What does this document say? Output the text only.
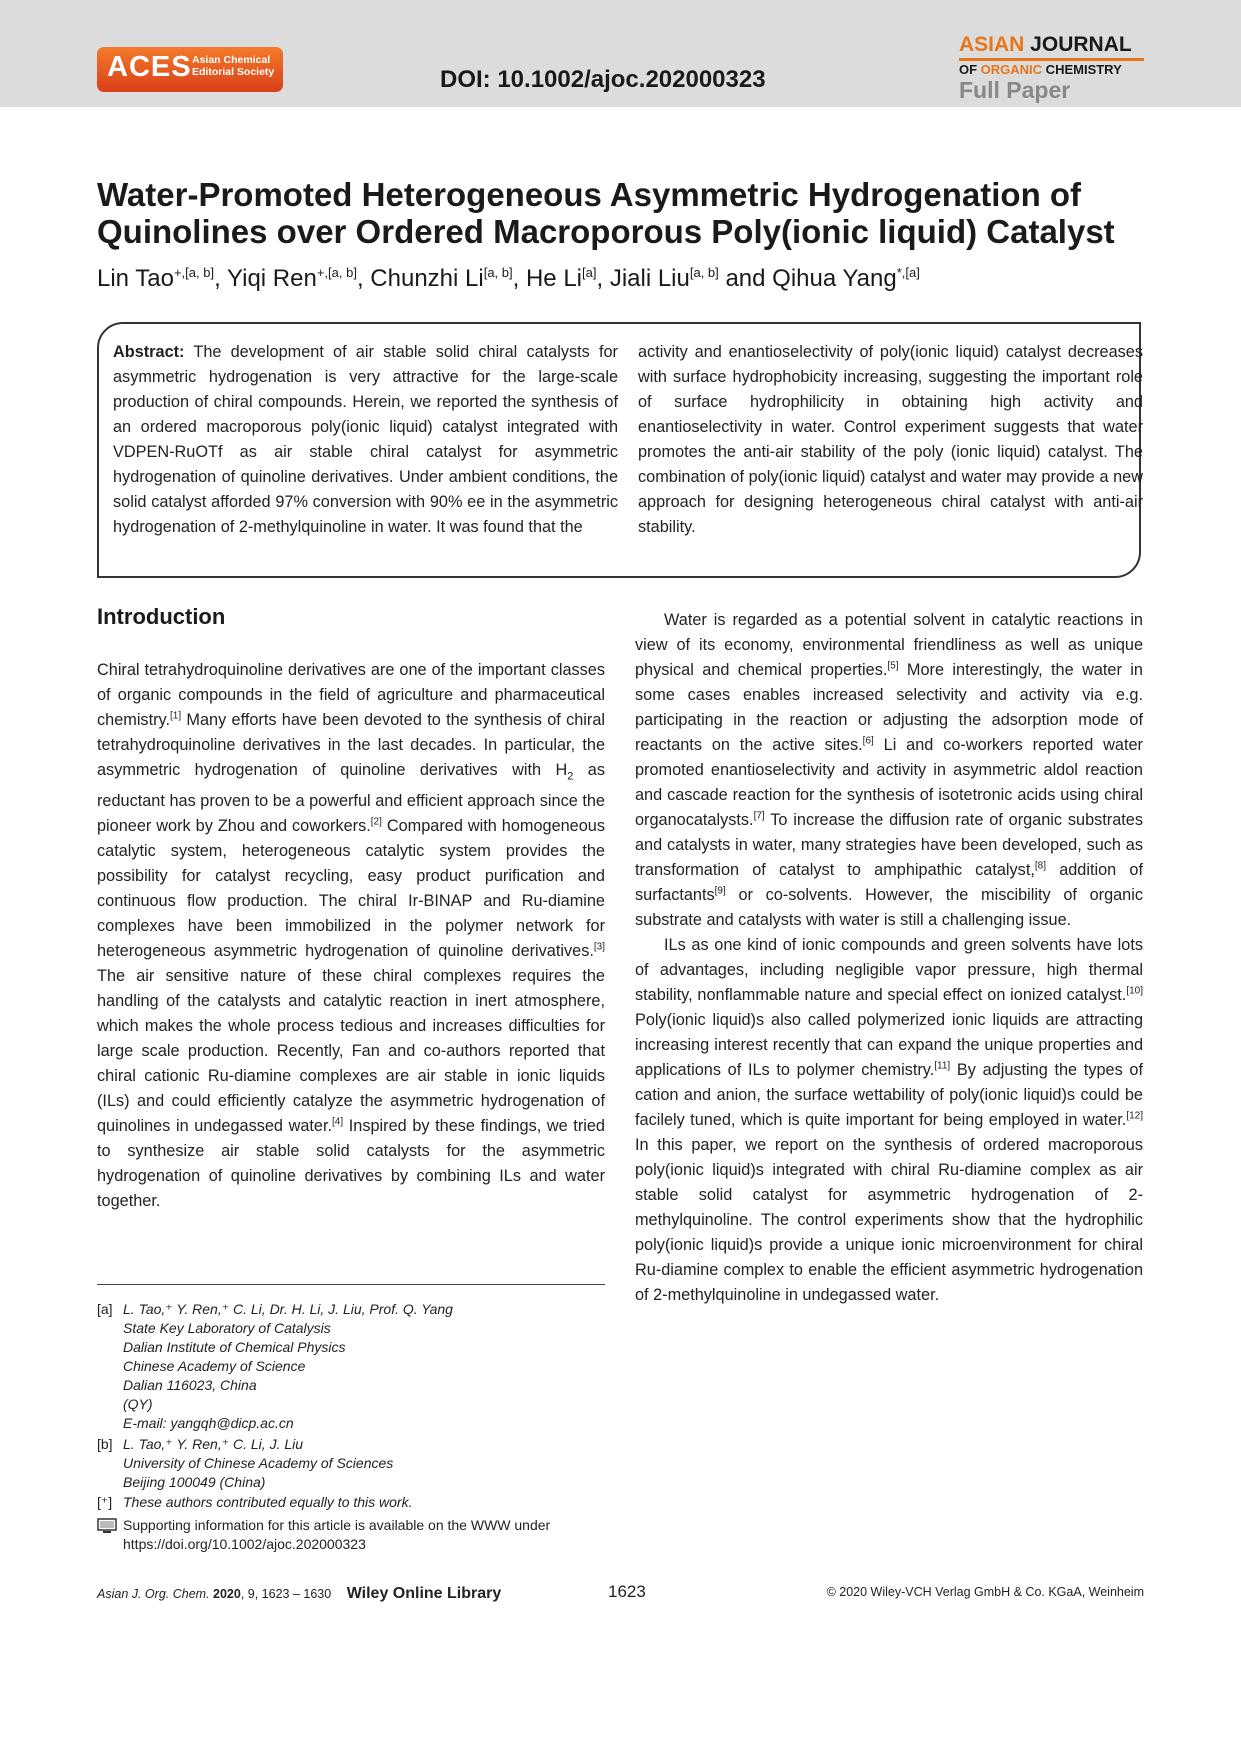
ACES Asian Chemical
Editorial Society	DOI: 10.1002/ajoc.202000323
ASIAN JOURNAL
OF ORGANIC CHEMISTRY
Full Paper
Water-Promoted Heterogeneous Asymmetric Hydrogenation of
Quinolines over Ordered Macroporous Poly(ionic liquid) Catalyst
Lin Tao$^{+,[a, b]}$, Yiqi Ren$^{+,[a, b]}$, Chunzhi Li[a, b], He Li[a], Jiali Liu[a, b] and Qihua Yang$^{*,[a]}$
Abstract: The development of air stable solid chiral catalysts for asymmetric hydrogenation is very attractive for the large-scale production of chiral compounds. Herein, we reported the synthesis of an ordered macroporous poly(ionic liquid) catalyst integrated with VDPEN-RuOTf as air stable chiral catalyst for asymmetric hydrogenation of quinoline derivatives. Under ambient conditions, the solid catalyst afforded 97% conversion with 90% ee in the asymmetric hydrogenation of 2-methylquinoline in water. It was found that the
activity and enantioselectivity of poly(ionic liquid) catalyst decreases with surface hydrophobicity increasing, suggesting the important role of surface hydrophilicity in obtaining high activity and enantioselectivity in water. Control experiment suggests that water promotes the anti-air stability of the poly (ionic liquid) catalyst. The combination of poly(ionic liquid) catalyst and water may provide a new approach for designing heterogeneous chiral catalyst with anti-air stability.
Introduction

Chiral tetrahydroquinoline derivatives are one of the important classes of organic compounds in the field of agriculture and pharmaceutical chemistry.[1] Many efforts have been devoted to the synthesis of chiral tetrahydroquinoline derivatives in the last decades. In particular, the asymmetric hydrogenation of quinoline derivatives with $H_2$ as reductant has proven to be a powerful and efficient approach since the pioneer work by Zhou and coworkers.[2] Compared with homogeneous catalytic system, heterogeneous catalytic system provides the possibility for catalyst recycling, easy product purification and continuous flow production. The chiral Ir-BINAP and Ru-diamine complexes have been immobilized in the polymer network for heterogeneous asymmetric hydrogenation of quinoline derivatives.[3] The air sensitive nature of these chiral complexes requires the handling of the catalysts and catalytic reaction in inert atmosphere, which makes the whole process tedious and increases difficulties for large scale production. Recently, Fan and co-authors reported that chiral cationic Ru-diamine complexes are air stable in ionic liquids (ILs) and could efficiently catalyze the asymmetric hydrogenation of quinolines in undegassed water.[4] Inspired by these findings, we tried to synthesize air stable solid catalysts for the asymmetric hydrogenation of quinoline derivatives by combining ILs and water together.

Water is regarded as a potential solvent in catalytic reactions in view of its economy, environmental friendliness as well as unique physical and chemical properties.[5] More interestingly, the water in some cases enables increased selectivity and activity via e.g. participating in the reaction or adjusting the adsorption mode of reactants on the active sites.[6] Li and co-workers reported water promoted enantioselectivity and activity in asymmetric aldol reaction and cascade reaction for the synthesis of isotetronic acids using chiral organocatalysts.[7] To increase the diffusion rate of organic substrates and catalysts in water, many strategies have been developed, such as transformation of catalyst to amphipathic catalyst,[8] addition of surfactants[9] or co-solvents. However, the miscibility of organic substrate and catalysts with water is still a challenging issue.

ILs as one kind of ionic compounds and green solvents have lots of advantages, including negligible vapor pressure, high thermal stability, nonflammable nature and special effect on ionized catalyst.[10] Poly(ionic liquid)s also called polymerized ionic liquids are attracting increasing interest recently that can expand the unique properties and applications of ILs to polymer chemistry.[11] By adjusting the types of cation and anion, the surface wettability of poly(ionic liquid)s could be facilely tuned, which is quite important for being employed in water.[12] In this paper, we report on the synthesis of ordered macroporous poly(ionic liquid)s integrated with chiral Ru-diamine complex as air stable solid catalyst for asymmetric hydrogenation of 2-methylquinoline. The control experiments show that the hydrophilic poly(ionic liquid)s provide a unique ionic microenvironment for chiral Ru-diamine complex to enable the efficient asymmetric hydrogenation of 2-methylquinoline in undegassed water.

[a] L. Tao,⁺ Y. Ren,⁺ C. Li, Dr. H. Li, J. Liu, Prof. Q. Yang
State Key Laboratory of Catalysis
Dalian Institute of Chemical Physics
Chinese Academy of Science
Dalian 116023, China
(QY)
E-mail: yangqh@dicp.ac.cn
[b] L. Tao,⁺ Y. Ren,⁺ C. Li, J. Liu
University of Chinese Academy of Sciences
Beijing 100049 (China)
[⁺] These authors contributed equally to this work.
Supporting information for this article is available on the WWW under https://doi.org/10.1002/ajoc.202000323
Asian J. Org. Chem. 2020, 9, 1623 – 1630 Wiley Online Library	1623	© 2020 Wiley-VCH Verlag GmbH & Co. KGaA, Weinheim
